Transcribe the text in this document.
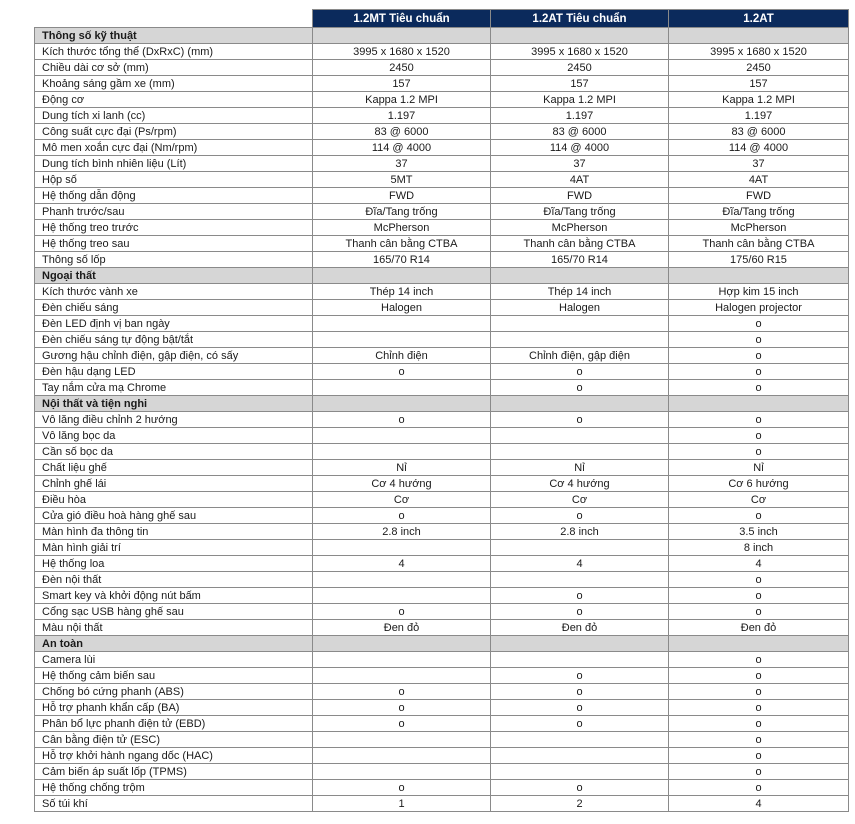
	1.2MT Tiêu chuẩn	1.2AT Tiêu chuẩn	1.2AT
Thông số kỹ thuật			
Kích thước tổng thể (DxRxC) (mm)	3995 x 1680 x 1520	3995 x 1680 x 1520	3995 x 1680 x 1520
Chiều dài cơ sở (mm)	2450	2450	2450
Khoảng sáng gầm xe (mm)	157	157	157
Động cơ	Kappa 1.2 MPI	Kappa 1.2 MPI	Kappa 1.2 MPI
Dung tích xi lanh (cc)	1.197	1.197	1.197
Công suất cực đại (Ps/rpm)	83 @ 6000	83 @ 6000	83 @ 6000
Mô men xoắn cực đại (Nm/rpm)	114 @ 4000	114 @ 4000	114 @ 4000
Dung tích bình nhiên liệu (Lít)	37	37	37
Hộp số	5MT	4AT	4AT
Hệ thống dẫn động	FWD	FWD	FWD
Phanh trước/sau	Đĩa/Tang trống	Đĩa/Tang trống	Đĩa/Tang trống
Hệ thống treo trước	McPherson	McPherson	McPherson
Hệ thống treo sau	Thanh cân bằng CTBA	Thanh cân bằng CTBA	Thanh cân bằng CTBA
Thông số lốp	165/70 R14	165/70 R14	175/60 R15
Ngoại thất			
Kích thước vành xe	Thép 14 inch	Thép 14 inch	Hợp kim 15 inch
Đèn chiếu sáng	Halogen	Halogen	Halogen projector
Đèn LED định vị ban ngày			o
Đèn chiếu sáng tự động bật/tắt			o
Gương hậu chỉnh điện, gập điện, có sấy	Chỉnh điện	Chỉnh điện, gập điện	o
Đèn hậu dạng LED	o	o	o
Tay nắm cửa mạ Chrome		o	o
Nội thất và tiện nghi			
Vô lăng điều chỉnh 2 hướng	o	o	o
Vô lăng bọc da			o
Cần số bọc da			o
Chất liệu ghế	Nỉ	Nỉ	Nỉ
Chỉnh ghế lái	Cơ 4 hướng	Cơ 4 hướng	Cơ 6 hướng
Điều hòa	Cơ	Cơ	Cơ
Cửa gió điều hoà hàng ghế sau	o	o	o
Màn hình đa thông tin	2.8 inch	2.8 inch	3.5 inch
Màn hình giải trí			8 inch
Hệ thống loa	4	4	4
Đèn nội thất			o
Smart key và khởi động nút bấm		o	o
Cổng sạc USB hàng ghế sau	o	o	o
Màu nội thất	Đen đỏ	Đen đỏ	Đen đỏ
An toàn			
Camera lùi			o
Hệ thống cảm biến sau		o	o
Chống bó cứng phanh (ABS)	o	o	o
Hỗ trợ phanh khẩn cấp (BA)	o	o	o
Phân bổ lực phanh điện tử (EBD)	o	o	o
Cân bằng điện tử (ESC)			o
Hỗ trợ khởi hành ngang dốc (HAC)			o
Cảm biến áp suất lốp (TPMS)			o
Hệ thống chống trộm	o	o	o
Số túi khí	1	2	4
